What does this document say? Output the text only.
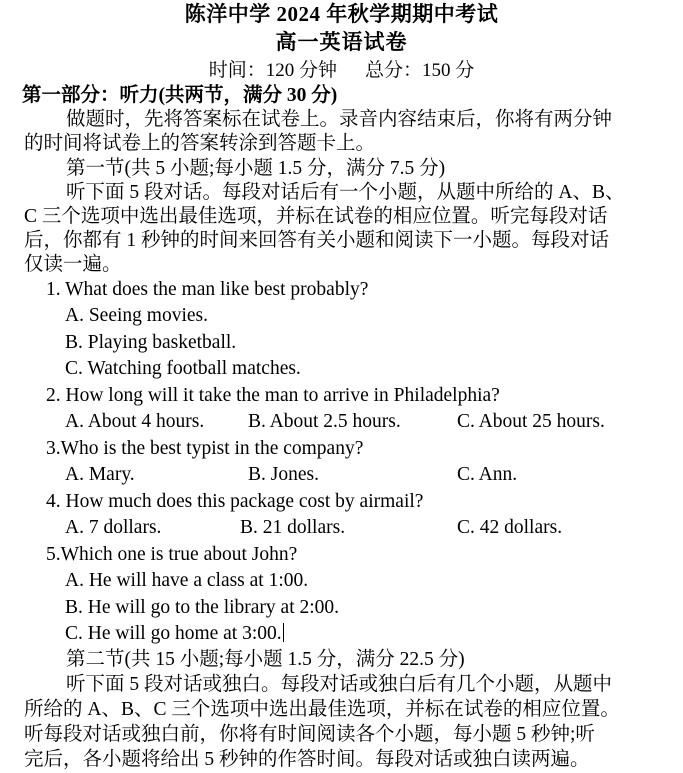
陈洋中学 2024 年秋学期期中考试
高一英语试卷
时间：120 分钟 总分：150 分
第一部分：听力(共两节，满分 30 分)
做题时，先将答案标在试卷上。录音内容结束后，你将有两分钟
的时间将试卷上的答案转涂到答题卡上。
第一节(共 5 小题;每小题 1.5 分，满分 7.5 分)
听下面 5 段对话。每段对话后有一个小题，从题中所给的 A、B、
C 三个选项中选出最佳选项，并标在试卷的相应位置。听完每段对话
后，你都有 1 秒钟的时间来回答有关小题和阅读下一小题。每段对话
仅读一遍。
1. What does the man like best probably?
A. Seeing movies.
B. Playing basketball.
C. Watching football matches.
2. How long will it take the man to arrive in Philadelphia?
A. About 4 hours. B. About 2.5 hours.	C. About 25 hours.
3.Who is the best typist in the company?
A. Mary.	B. Jones.	C. Ann.
4. How much does this package cost by airmail?
A. 7 dollars.	B. 21 dollars.	C. 42 dollars.
5.Which one is true about John?
A. He will have a class at 1:00.
B. He will go to the library at 2:00.
C. He will go home at 3:00.
第二节(共 15 小题;每小题 1.5 分，满分 22.5 分)
听下面 5 段对话或独白。每段对话或独白后有几个小题，从题中
所给的 A、B、C 三个选项中选出最佳选项，并标在试卷的相应位置。
听每段对话或独白前，你将有时间阅读各个小题，每小题 5 秒钟;听
完后，各小题将给出 5 秒钟的作答时间。每段对话或独白读两遍。
